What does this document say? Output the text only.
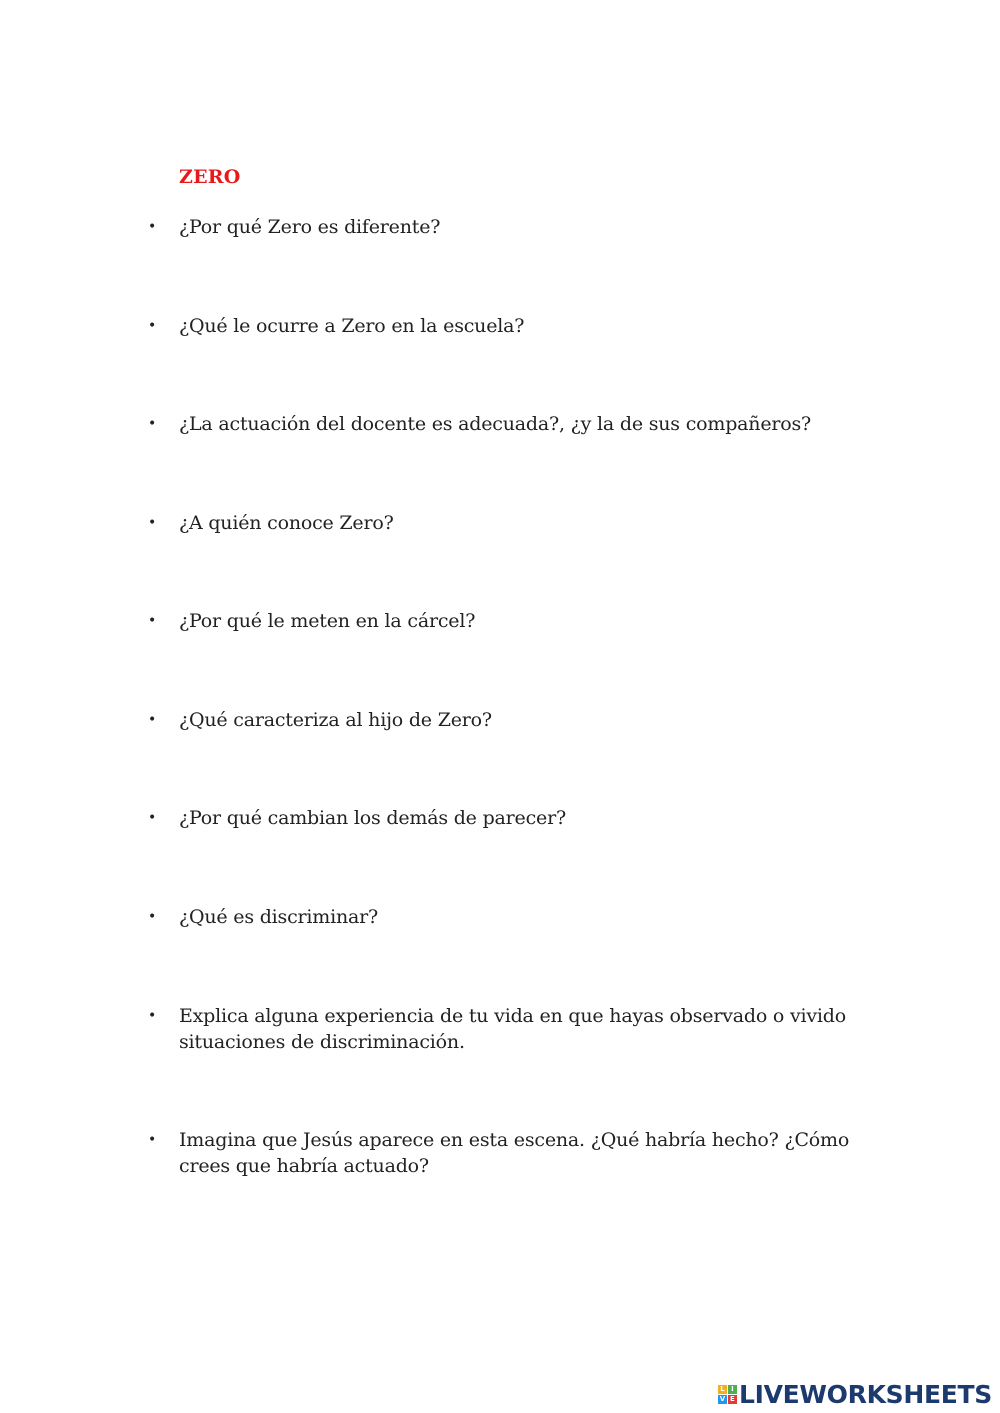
ZERO
•	¿Por qué Zero es diferente?
•	¿Qué le ocurre a Zero en la escuela?
•	¿La actuación del docente es adecuada?, ¿y la de sus compañeros?
•	¿A quién conoce Zero?
•	¿Por qué le meten en la cárcel?
•	¿Qué caracteriza al hijo de Zero?
•	¿Por qué cambian los demás de parecer?
•	¿Qué es discriminar?
•	Explica alguna experiencia de tu vida en que hayas observado o vivido situaciones de discriminación.
•	Imagina que Jesús aparece en esta escena. ¿Qué habría hecho? ¿Cómo crees que habría actuado?
L I
V E LIVEWORKSHEETS
